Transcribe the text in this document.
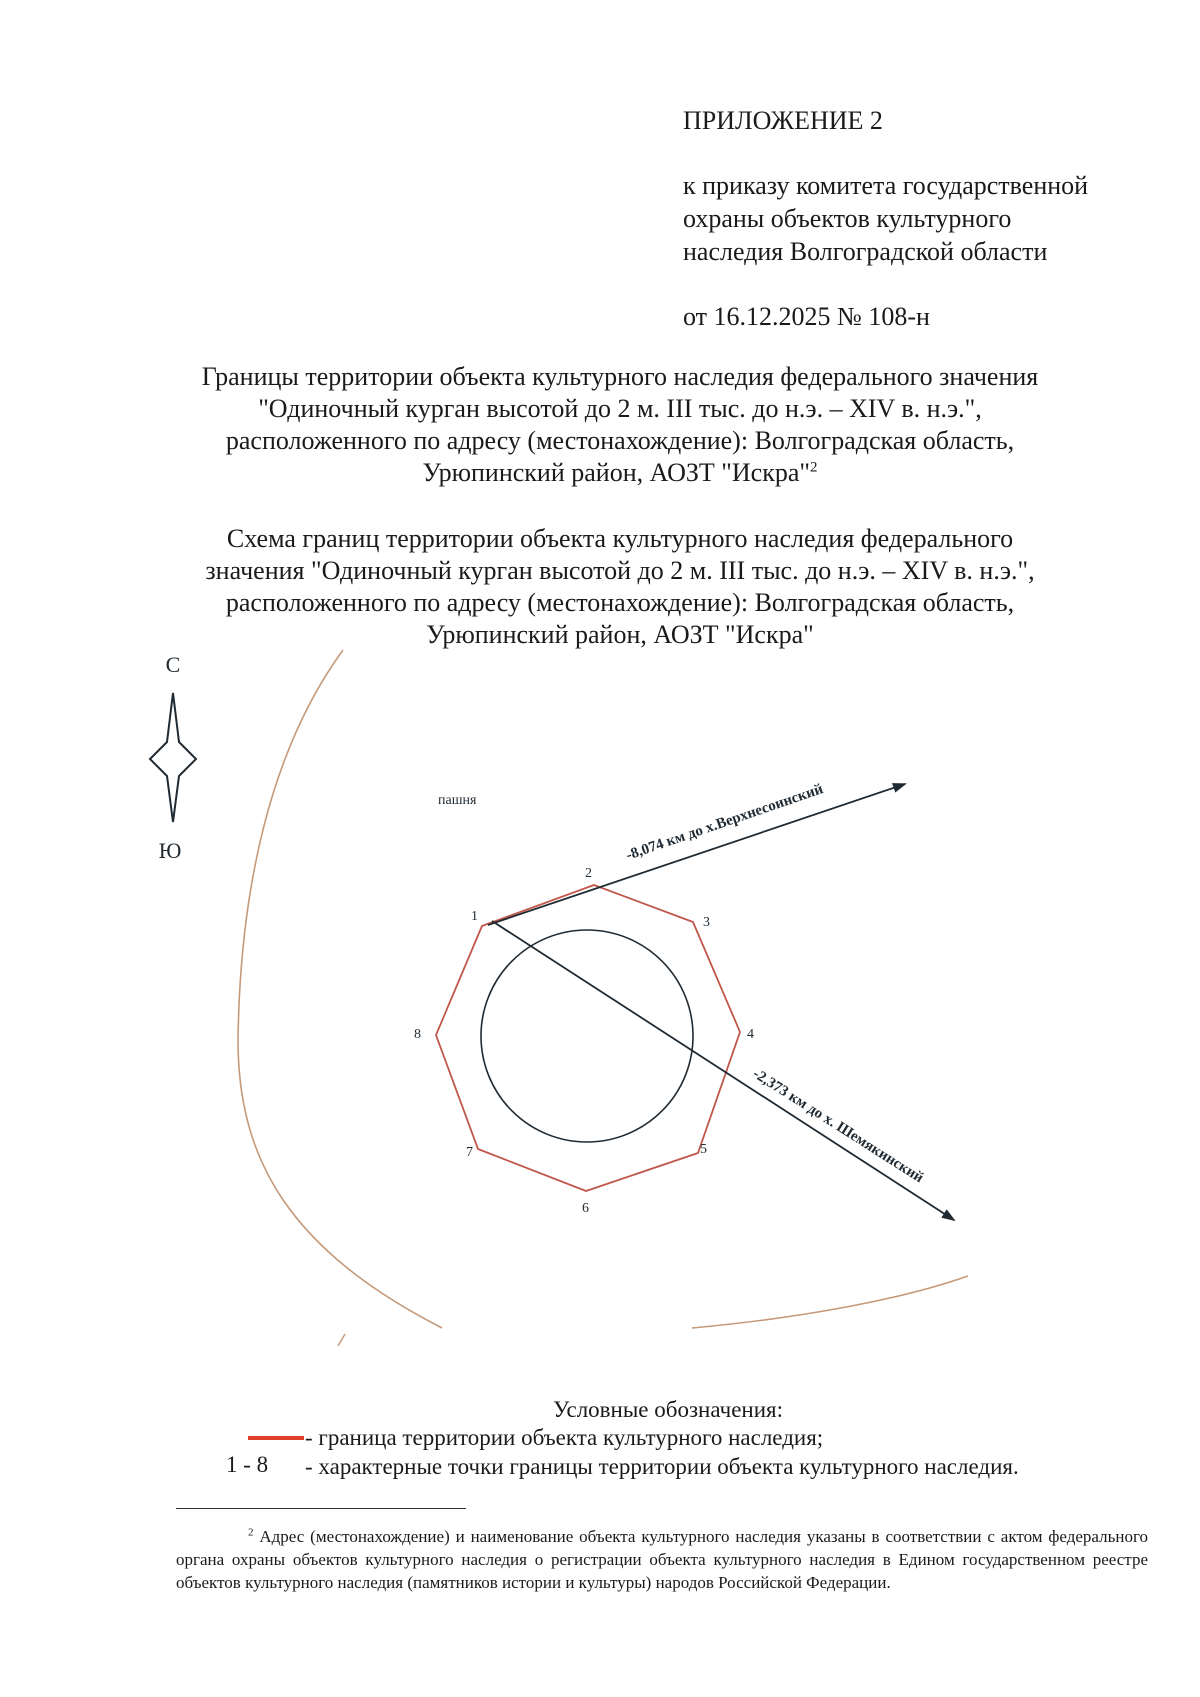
ПРИЛОЖЕНИЕ 2
к приказу комитета государственной
охраны объектов культурного
наследия Волгоградской области
от 16.12.2025 № 108-н
Границы территории объекта культурного наследия федерального значения
"Одиночный курган высотой до 2 м. III тыс. до н.э. – XIV в. н.э.",
расположенного по адресу (местонахождение): Волгоградская область,
Урюпинский район, АОЗТ "Искра"$^2$
Схема границ территории объекта культурного наследия федерального
значения "Одиночный курган высотой до 2 м. III тыс. до н.э. – XIV в. н.э.",
расположенного по адресу (местонахождение): Волгоградская область,
Урюпинский район, АОЗТ "Искра"
С
Ю
пашня	-8,074 км до х.Верхнесоинский
-2,373 км до х. Шемякинский
1
2
3
4
5
6
7
8
Условные обозначения:
- граница территории объекта культурного наследия;
1 - 8 - характерные точки границы территории объекта культурного наследия.
$^2$ Адрес (местонахождение) и наименование объекта культурного наследия указаны в соответствии с актом федерального органа охраны объектов культурного наследия о регистрации объекта культурного наследия в Едином государственном реестре объектов культурного наследия (памятников истории и культуры) народов Российской Федерации.
